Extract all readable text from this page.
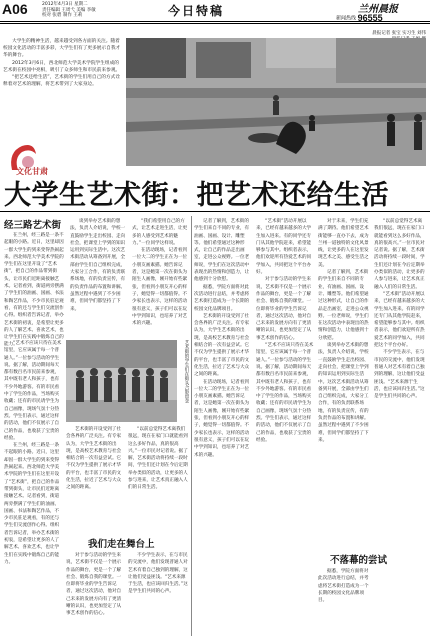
A06	2012年4月3日 星期二
责任编辑 王周弋 美编 李敏
校对 张碧 制作 王莉	今日特稿	兰州晨报
新闻热线 96555
晨报记者 张宝 实习生 刘伟

大学生的精神生活，越来越受到各方面的关注。随着校园文化活动的丰富多彩，大学生们有了更多展示自我才华的舞台。

2012年3月6日，西北师范大学美术学院学生组成的艺术街在校园中亮相，吸引了众多师生和市民前来参观。

“把艺术还给生活”，艺术街的学生们用自己的方式诠释着对艺术的理解，将艺术带到了大家身边。

文化甘肃
大学生艺术街：把艺术还给生活
经三路艺术街

在兰州，经三路是一条不起眼的小路。近日，这里却因一群大学生的到来变得热闹起来。西北师范大学美术学院的学生们在这里开设了“艺术街”，把自己的作品带到街头，让市民们近距离接触艺术。记者看到，街道两旁摆满了学生们的油画、国画、书法和陶艺作品，不少市民驻足观看，有的还与学生们交流创作心得。组织者告诉记者，举办艺术街的初衷，是希望让更多的人了解艺术、喜欢艺术，也让学生们在实践中锻炼自己的能力。

“艺术不应该只待在美术馆里，它应该属于每一个普通人。”一位参与活动的学生说。据了解，活动期间每天都有数百名市民前来参观，其中既有老人和孩子，也有不少外地游客。有的市民看中了学生的作品，当场购买收藏；还有的市民请学生为自己画像，现场气氛十分热烈。学生们表示，通过这样的活动，他们不仅展示了自己的作品，也收获了宝贵的经验。

在兰州，经三路是一条不起眼的小路。近日，这里却因一群大学生的到来变得热闹起来。西北师范大学美术学院的学生们在这里开设了“艺术街”，把自己的作品带到街头，让市民们近距离接触艺术。记者看到，街道两旁摆满了学生们的油画、国画、书法和陶艺作品，不少市民驻足观看，有的还与学生们交流创作心得。组织者告诉记者，举办艺术街的初衷，是希望让更多的人了解艺术、喜欢艺术，也让学生们在实践中锻炼自己的能力。

谈到举办艺术街的想法，负责人介绍说，学校一直鼓励学生走出校园、走向社会，把课堂上学到的知识运用到实际生活中。这次艺术街活动从筹备到开展，全部由学生们自己组织完成，大家分工合作，有的负责联系场地，有的负责宣传，有的负责作品的布置和讲解。虽然过程中遇到了不少困难，但同学们都坚持了下来。

“我们希望用自己的方式，让艺术走进生活，让更多的人感受到艺术的魅力。”一位同学这样说。

在活动现场，记者看到一位大二的学生正在为一位小朋友画素描。她告诉记者，这是她第一次在街头为陌生人画像，刚开始有些紧张，但看到小朋友开心的样子，她觉得一切都值得。不少家长也表示，这样的活动很有意义，孩子们可以在玩中学到知识，也培养了对艺术的兴趣。

艺术街的学生们在街头合影留念

艺术街的开设受到了社会各界的广泛关注。有专家认为，大学生艺术街的出现，是高校艺术教育与社会相结合的一次有益尝试。它不仅为学生提供了展示才华的平台，也丰富了市民的文化生活，拉近了艺术与大众之间的距离。

“以前总觉得艺术离我们很远，现在在家门口就能看到这么多好作品，真的很高兴。”一位市民对记者说。据了解，艺术街活动将持续一段时间，学生们还计划在今后定期举办类似的活动，让更多的人参与进来，让艺术真正融入人们的日常生活。

我们走在舞台上

对于参与活动的学生来说，艺术街不仅是一个展示作品的舞台，更是一个了解社会、锻炼自我的课堂。一位即将毕业的学生告诉记者，通过这次活动，他对自己未来的发展方向有了更清晰的认识，也更加坚定了从事艺术创作的信心。

不少学生表示，在与市民的交流中，他们发现普通人对艺术有着自己独到的理解，这让他们受益匪浅。“艺术来源于生活，也应该回归生活。”这是学生们共同的心声。

记者了解到，艺术街的学生们来自不同的专业，有油画、国画、设计、雕塑等。他们希望通过这种形式，让自己的作品走出画室，走进公众视野。一位老师说，学生们在这次活动中表现出的热情和创造力，让他感到十分欣慰。

据悉，学院方面将对此次活动进行总结，并考虑将艺术街打造成为一个长期的校园文化品牌项目。

艺术街的开设受到了社会各界的广泛关注。有专家认为，大学生艺术街的出现，是高校艺术教育与社会相结合的一次有益尝试。它不仅为学生提供了展示才华的平台，也丰富了市民的文化生活，拉近了艺术与大众之间的距离。

在活动现场，记者看到一位大二的学生正在为一位小朋友画素描。她告诉记者，这是她第一次在街头为陌生人画像，刚开始有些紧张，但看到小朋友开心的样子，她觉得一切都值得。不少家长也表示，这样的活动很有意义，孩子们可以在玩中学到知识，也培养了对艺术的兴趣。

“艺术街”活动开展以来，已经有越来越多的大学生加入进来。有的同学还专门从其他学院赶来，希望能够参与其中。组织者表示，他们欢迎所有热爱艺术的同学加入，共同把这个平台办好。

对于参与活动的学生来说，艺术街不仅是一个展示作品的舞台，更是一个了解社会、锻炼自我的课堂。一位即将毕业的学生告诉记者，通过这次活动，他对自己未来的发展方向有了更清晰的认识，也更加坚定了从事艺术创作的信心。

“艺术不应该只待在美术馆里，它应该属于每一个普通人。”一位参与活动的学生说。据了解，活动期间每天都有数百名市民前来参观，其中既有老人和孩子，也有不少外地游客。有的市民看中了学生的作品，当场购买收藏；还有的市民请学生为自己画像，现场气氛十分热烈。学生们表示，通过这样的活动，他们不仅展示了自己的作品，也收获了宝贵的经验。

对于未来，学生们充满了期待。他们希望艺术街能够一直办下去，成为兰州一道独特的文化风景线，让更多的人在这里发现艺术之美、感受生活之美。

记者了解到，艺术街的学生们来自不同的专业，有油画、国画、设计、雕塑等。他们希望通过这种形式，让自己的作品走出画室，走进公众视野。一位老师说，学生们在这次活动中表现出的热情和创造力，让他感到十分欣慰。

谈到举办艺术街的想法，负责人介绍说，学校一直鼓励学生走出校园、走向社会，把课堂上学到的知识运用到实际生活中。这次艺术街活动从筹备到开展，全部由学生们自己组织完成，大家分工合作，有的负责联系场地，有的负责宣传，有的负责作品的布置和讲解。虽然过程中遇到了不少困难，但同学们都坚持了下来。

“以前总觉得艺术离我们很远，现在在家门口就能看到这么多好作品，真的很高兴。”一位市民对记者说。据了解，艺术街活动将持续一段时间，学生们还计划在今后定期举办类似的活动，让更多的人参与进来，让艺术真正融入人们的日常生活。

“艺术街”活动开展以来，已经有越来越多的大学生加入进来。有的同学还专门从其他学院赶来，希望能够参与其中。组织者表示，他们欢迎所有热爱艺术的同学加入，共同把这个平台办好。

不少学生表示，在与市民的交流中，他们发现普通人对艺术有着自己独到的理解，这让他们受益匪浅。“艺术来源于生活，也应该回归生活。”这是学生们共同的心声。

不落幕的尝试

据悉，学院方面将对此次活动进行总结，并考虑将艺术街打造成为一个长期的校园文化品牌项目。
